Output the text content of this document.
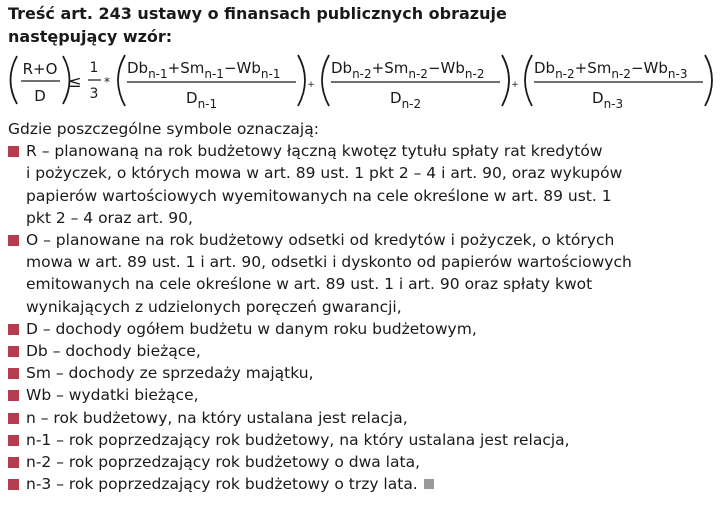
Treść art. 243 ustawy o finansach publicznych obrazuje
następujący wzór:
R+O
D
≤
1
3
*
$Db_{n-1}+Sm_{n-1}-Wb_{n-1}$
$D_{n-1}$
+
$Db_{n-2}+Sm_{n-2}-Wb_{n-2}$
$D_{n-2}$
+
$Db_{n-2}+Sm_{n-2}-Wb_{n-3}$
$D_{n-3}$
Gdzie poszczególne symbole oznaczają:
R – planowaną na rok budżetowy łączną kwotęz tytułu spłaty rat kredytów
i pożyczek, o których mowa w art. 89 ust. 1 pkt 2 – 4 i art. 90, oraz wykupów
papierów wartościowych wyemitowanych na cele określone w art. 89 ust. 1
pkt 2 – 4 oraz art. 90,
O – planowane na rok budżetowy odsetki od kredytów i pożyczek, o których
mowa w art. 89 ust. 1 i art. 90, odsetki i dyskonto od papierów wartościowych
emitowanych na cele określone w art. 89 ust. 1 i art. 90 oraz spłaty kwot
wynikających z udzielonych poręczeń gwarancji,
D – dochody ogółem budżetu w danym roku budżetowym,
Db – dochody bieżące,
Sm – dochody ze sprzedaży majątku,
Wb – wydatki bieżące,
n – rok budżetowy, na który ustalana jest relacja,
n-1 – rok poprzedzający rok budżetowy, na który ustalana jest relacja,
n-2 – rok poprzedzający rok budżetowy o dwa lata,
n-3 – rok poprzedzający rok budżetowy o trzy lata.
